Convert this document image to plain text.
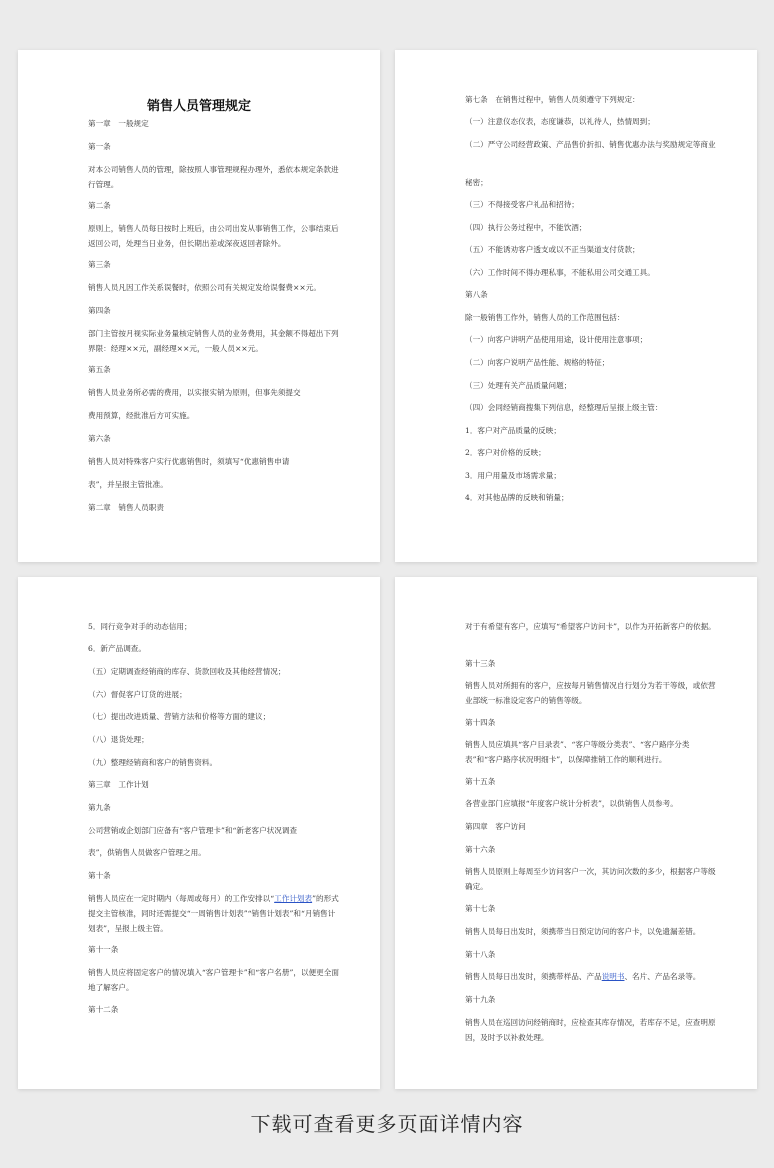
销售人员管理规定
第一章　一般规定
第一条
对本公司销售人员的管理，除按照人事管理规程办理外，悉依本规定条款进行管理。
第二条
原则上，销售人员每日按时上班后，由公司出发从事销售工作，公事结束后返回公司，处理当日业务，但长期出差或深夜返回者除外。
第三条
销售人员凡因工作关系误餐时，依照公司有关规定发给误餐费××元。
第四条
部门主管按月视实际业务量核定销售人员的业务费用，其金额不得超出下列界限：经理××元，副经理××元，一般人员××元。
第五条
销售人员业务所必需的费用，以实报实销为原则，但事先须提交
费用预算，经批准后方可实施。
第六条
销售人员对特殊客户实行优惠销售时，须填写“优惠销售申请
表”，并呈报主管批准。
第二章　销售人员职责
第七条　在销售过程中，销售人员须遵守下列规定：
（一）注意仪态仪表，态度谦恭，以礼待人，热情周到；
（二）严守公司经营政策、产品售价折扣、销售优惠办法与奖励规定等商业
秘密；
（三）不得接受客户礼品和招待；
（四）执行公务过程中，不能饮酒；
（五）不能诱劝客户透支或以不正当渠道支付货款；
（六）工作时间不得办理私事，不能私用公司交通工具。
第八条
除一般销售工作外，销售人员的工作范围包括：
（一）向客户讲明产品使用用途，设计使用注意事项；
（二）向客户说明产品性能、规格的特征；
（三）处理有关产品质量问题；
（四）会同经销商搜集下列信息，经整理后呈报上级主管：
1．客户对产品质量的反映；
2．客户对价格的反映；
3．用户用量及市场需求量；
4．对其他品牌的反映和销量；
5．同行竞争对手的动态信用；
6．新产品调查。
（五）定期调查经销商的库存、货款回收及其他经营情况；
（六）督促客户订货的进展；
（七）提出改进质量、营销方法和价格等方面的建议；
（八）退货处理；
（九）整理经销商和客户的销售资料。
第三章　工作计划
第九条
公司营销或企划部门应备有“客户管理卡”和“新老客户状况调查
表”，供销售人员做客户管理之用。
第十条
销售人员应在一定时期内（每周或每月）的工作安排以“工作计划表”的形式提交主管核准，同时还需提交“一周销售计划表”“销售计划表”和“月销售计划表”，呈报上级主管。
第十一条
销售人员应将固定客户的情况填入“客户管理卡”和“客户名册”，以便更全面地了解客户。
第十二条
对于有希望有客户，应填写“希望客户访问卡”，以作为开拓新客户的依据。
第十三条
销售人员对所拥有的客户，应按每月销售情况自行划分为若干等级，或依营业部统一标准设定客户的销售等级。
第十四条
销售人员应填具“客户目录表”、“客户等级分类表”、“客户路序分类表”和“客户路序状况明细卡”，以保障推销工作的顺利进行。
第十五条
各营业部门应填报“年度客户统计分析表”，以供销售人员参考。
第四章　客户访问
第十六条
销售人员原则上每周至少访问客户一次，其访问次数的多少，根据客户等级确定。
第十七条
销售人员每日出发时，须携带当日预定访问的客户卡，以免遗漏差错。
第十八条
销售人员每日出发时，须携带样品、产品说明书、名片、产品名录等。
第十九条
销售人员在巡回访问经销商时，应检查其库存情况，若库存不足，应查明原因，及时予以补救处理。
下载可查看更多页面详情内容
